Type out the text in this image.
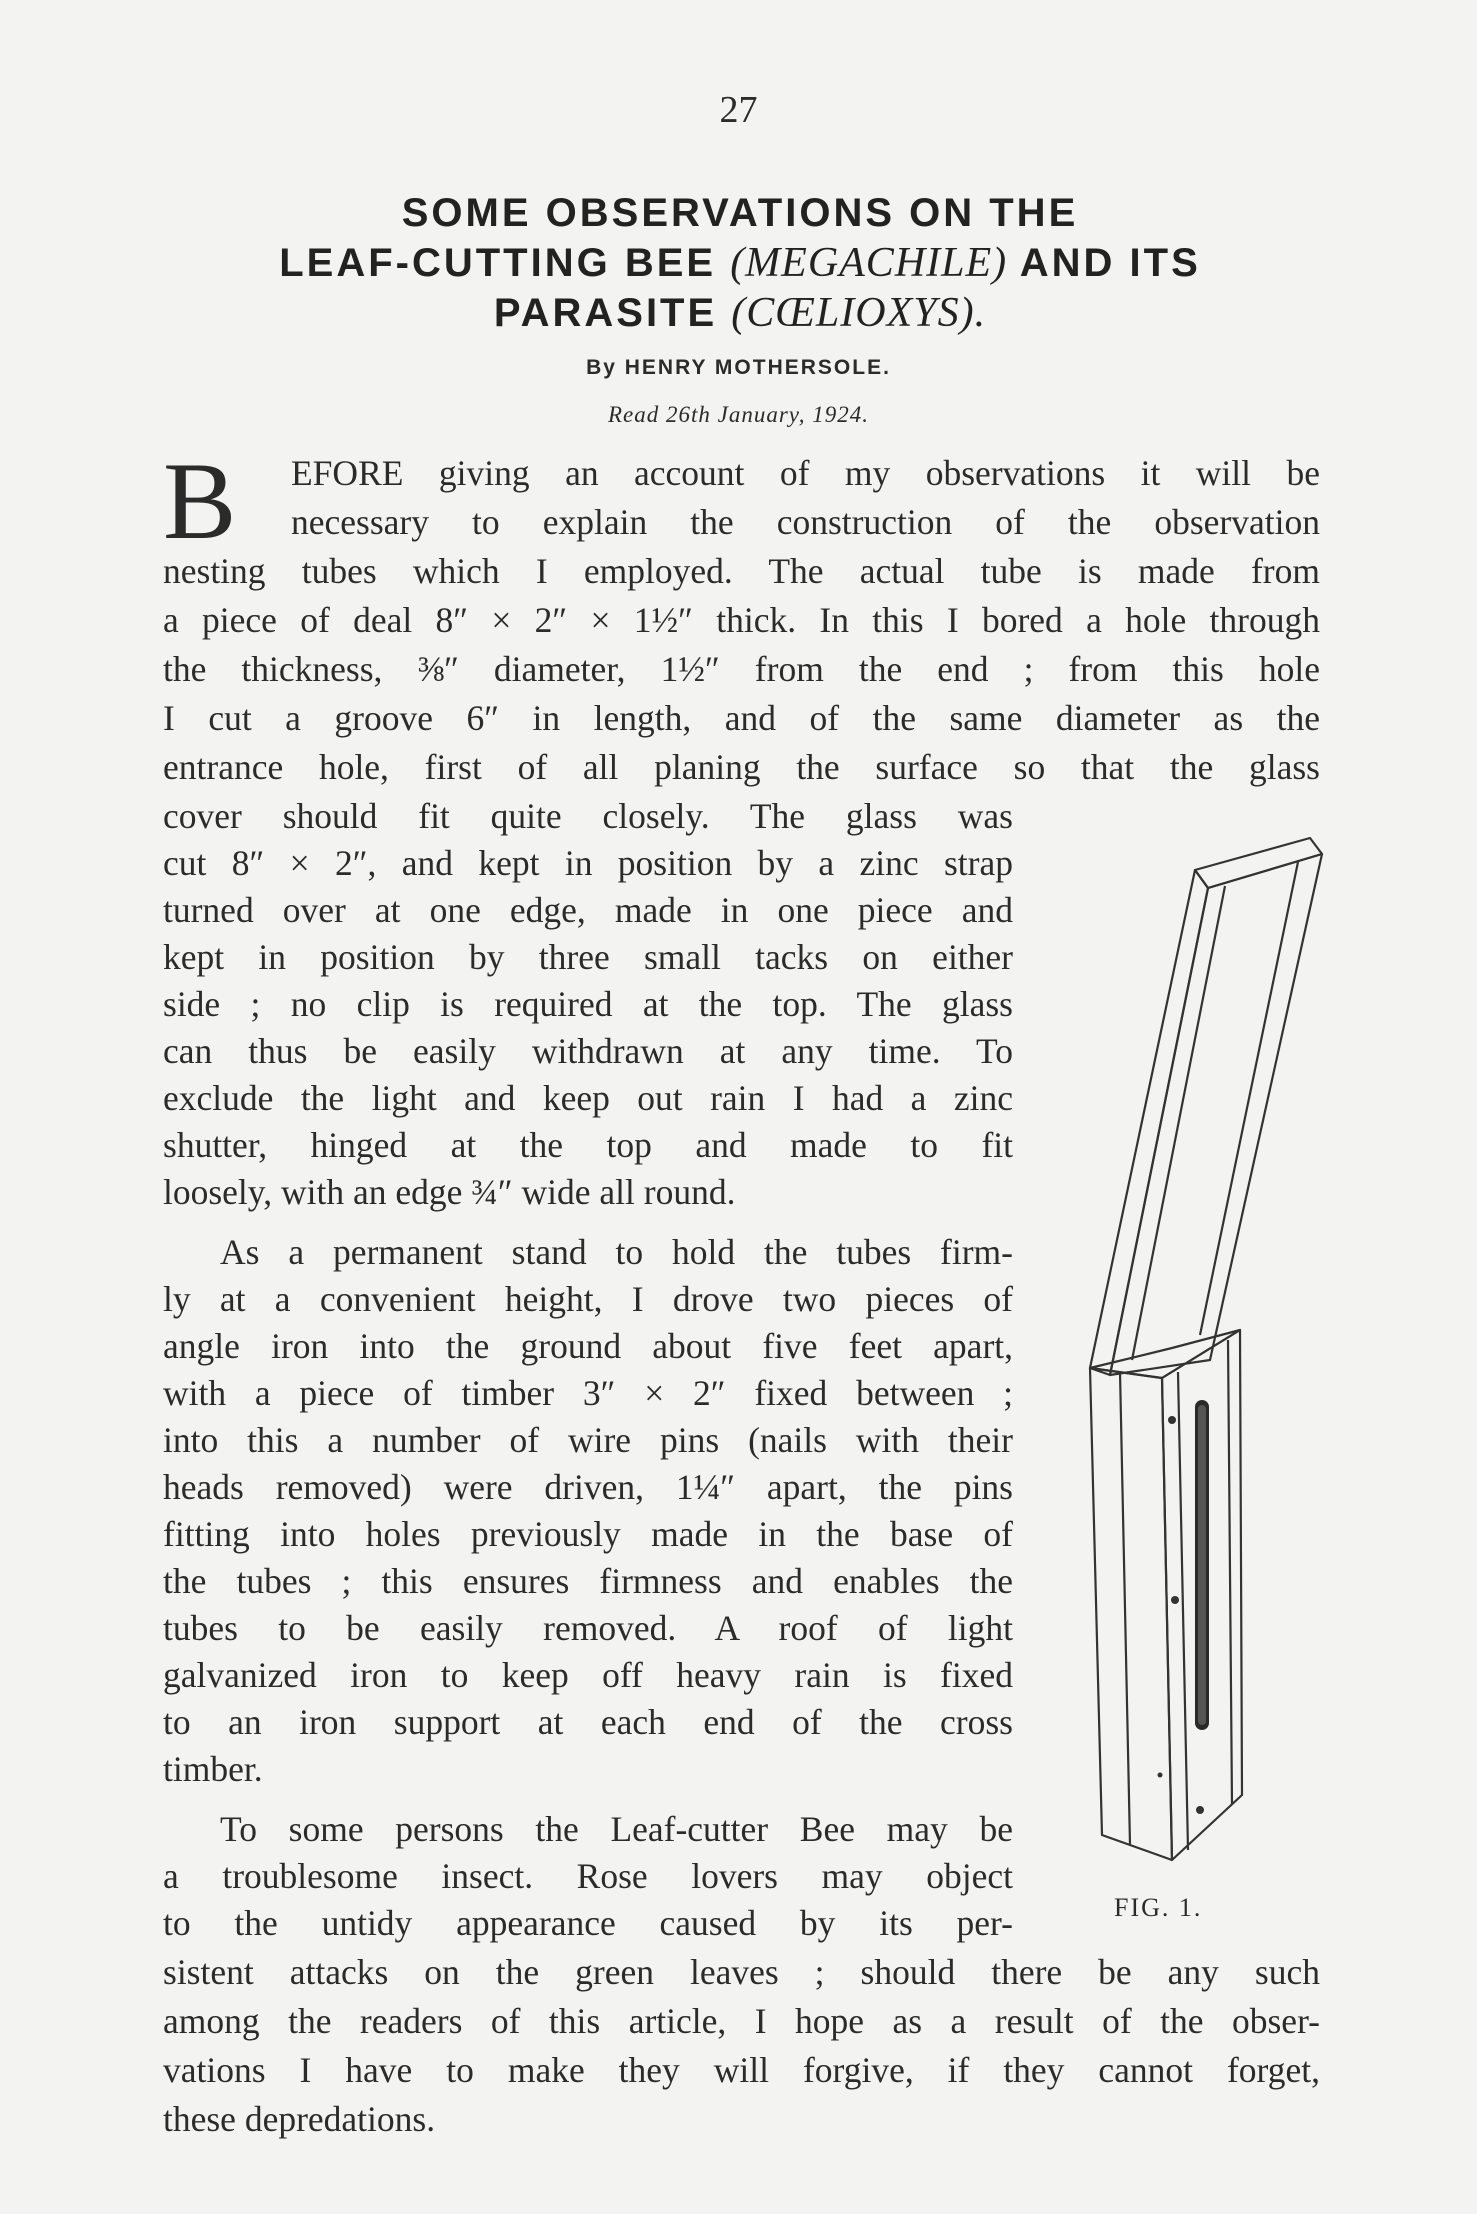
27
SOME OBSERVATIONS ON THE
LEAF-CUTTING BEE (MEGACHILE) AND ITS
PARASITE (CŒLIOXYS).
By HENRY MOTHERSOLE.
Read 26th January, 1924.
B EFORE giving an account of my observations it will be
necessary to explain the construction of the observation
nesting tubes which I employed. The actual tube is made from
a piece of deal 8″ × 2″ × 1½″ thick. In this I bored a hole through
the thickness, ⅜″ diameter, 1½″ from the end ; from this hole
I cut a groove 6″ in length, and of the same diameter as the
entrance hole, first of all planing the surface so that the glass
cover should fit quite closely. The glass was
cut 8″ × 2″, and kept in position by a zinc strap
turned over at one edge, made in one piece and
kept in position by three small tacks on either
side ; no clip is required at the top. The glass
can thus be easily withdrawn at any time. To
exclude the light and keep out rain I had a zinc
shutter, hinged at the top and made to fit
loosely, with an edge ¾″ wide all round.
As a permanent stand to hold the tubes firm-
ly at a convenient height, I drove two pieces of
angle iron into the ground about five feet apart,
with a piece of timber 3″ × 2″ fixed between ;
into this a number of wire pins (nails with their
heads removed) were driven, 1¼″ apart, the pins
fitting into holes previously made in the base of
the tubes ; this ensures firmness and enables the
tubes to be easily removed. A roof of light
galvanized iron to keep off heavy rain is fixed
to an iron support at each end of the cross
timber.
To some persons the Leaf-cutter Bee may be
a troublesome insect. Rose lovers may object
to the untidy appearance caused by its per-
sistent attacks on the green leaves ; should there be any such
among the readers of this article, I hope as a result of the obser-
vations I have to make they will forgive, if they cannot forget,
these depredations.
FIG. 1.
